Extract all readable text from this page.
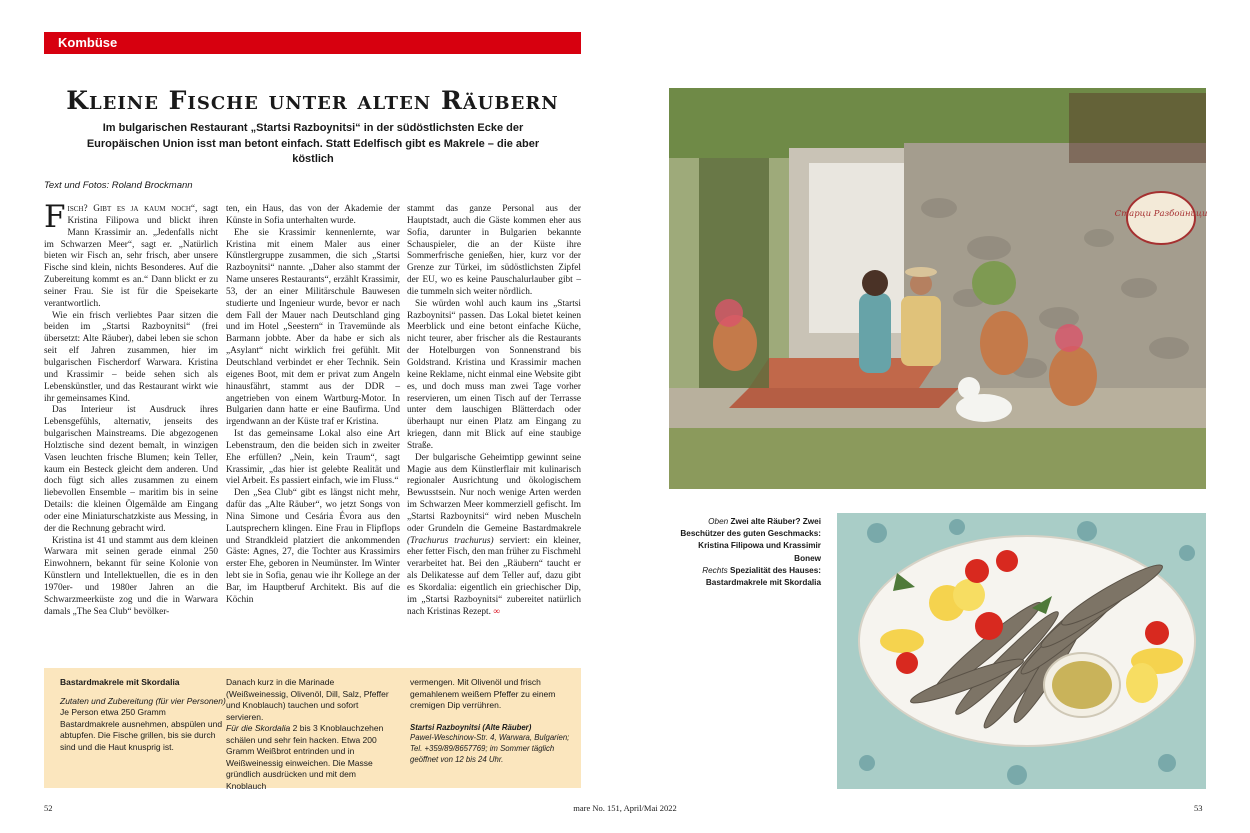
Kombüse
Kleine Fische unter alten Räubern
Im bulgarischen Restaurant „Startsi Razboynitsi“ in der südöstlichsten Ecke der Europäischen Union isst man betont einfach. Statt Edelfisch gibt es Makrele – die aber köstlich
Text und Fotos: Roland Brockmann

Fisch? Gibt es ja kaum noch“, sagt Kristina Filipowa und blickt ihren Mann Krassimir an. „Jedenfalls nicht im Schwarzen Meer“, sagt er. „Natürlich bieten wir Fisch an, sehr frisch, aber unsere Fische sind klein, nichts Besonderes. Auf die Zubereitung kommt es an.“ Dann blickt er zu seiner Frau. Sie ist für die Speisekarte verantwortlich.

Wie ein frisch verliebtes Paar sitzen die beiden im „Startsi Razboynitsi“ (frei übersetzt: Alte Räuber), dabei leben sie schon seit elf Jahren zusammen, hier im bulgarischen Fischerdorf Warwara. Kristina und Krassimir – beide sehen sich als Lebenskünstler, und das Restaurant wirkt wie ihr gemeinsames Kind.

Das Interieur ist Ausdruck ihres Lebensgefühls, alternativ, jenseits des bulgarischen Mainstreams. Die abgezogenen Holztische sind dezent bemalt, in winzigen Vasen leuchten frische Blumen; kein Teller, kaum ein Besteck gleicht dem anderen. Und doch fügt sich alles zusammen zu einem liebevollen Ensemble – maritim bis in seine Details: die kleinen Ölgemälde am Eingang oder eine Miniaturschatzkiste aus Messing, in der die Rechnung gebracht wird.

Kristina ist 41 und stammt aus dem kleinen Warwara mit seinen gerade einmal 250 Einwohnern, bekannt für seine Kolonie von Künstlern und Intellektuellen, die es in den 1970er- und 1980er Jahren an die Schwarzmeerküste zog und die in Warwara damals „The Sea Club“ bevölker-

ten, ein Haus, das von der Akademie der Künste in Sofia unterhalten wurde.

Ehe sie Krassimir kennenlernte, war Kristina mit einem Maler aus einer Künstlergruppe zusammen, die sich „Startsi Razboynitsi“ nannte. „Daher also stammt der Name unseres Restaurants“, erzählt Krassimir, 53, der an einer Militärschule Bauwesen studierte und Ingenieur wurde, bevor er nach dem Fall der Mauer nach Deutschland ging und im Hotel „Seestern“ in Travemünde als Barmann jobbte. Aber da habe er sich als „Asylant“ nicht wirklich frei gefühlt. Mit Deutschland verbindet er eher Technik. Sein eigenes Boot, mit dem er privat zum Angeln hinausfährt, stammt aus der DDR – angetrieben von einem Wartburg-Motor. In Bulgarien dann hatte er eine Baufirma. Und irgendwann an der Küste traf er Kristina.

Ist das gemeinsame Lokal also eine Art Lebenstraum, den die beiden sich in zweiter Ehe erfüllen? „Nein, kein Traum“, sagt Krassimir, „das hier ist gelebte Realität und viel Arbeit. Es passiert einfach, wie im Fluss.“

Den „Sea Club“ gibt es längst nicht mehr, dafür das „Alte Räuber“, wo jetzt Songs von Nina Simone und Cesária Évora aus den Lautsprechern klingen. Eine Frau in Flipflops und Strandkleid platziert die ankommenden Gäste: Agnes, 27, die Tochter aus Krassimirs erster Ehe, geboren in Neumünster. Im Winter lebt sie in Sofia, genau wie ihr Kollege an der Bar, im Hauptberuf Architekt. Bis auf die Köchin

stammt das ganze Personal aus der Hauptstadt, auch die Gäste kommen eher aus Sofia, darunter in Bulgarien bekannte Schauspieler, die an der Küste ihre Sommerfrische genießen, hier, kurz vor der Grenze zur Türkei, im südöstlichsten Zipfel der EU, wo es keine Pauschalurlauber gibt – die tummeln sich weiter nördlich.

Sie würden wohl auch kaum ins „Startsi Razboynitsi“ passen. Das Lokal bietet keinen Meerblick und eine betont einfache Küche, nicht teurer, aber frischer als die Restaurants der Hotelburgen von Sonnenstrand bis Goldstrand. Kristina und Krassimir machen keine Reklame, nicht einmal eine Website gibt es, und doch muss man zwei Tage vorher reservieren, um einen Tisch auf der Terrasse unter dem lauschigen Blätterdach oder überhaupt nur einen Platz am Eingang zu kriegen, dann mit Blick auf eine staubige Straße.

Der bulgarische Geheimtipp gewinnt seine Magie aus dem Künstlerflair mit kulinarisch regionaler Ausrichtung und ökologischem Bewusstsein. Nur noch wenige Arten werden im Schwarzen Meer kommerziell gefischt. Im „Startsi Razboynitsi“ wird neben Muscheln oder Grundeln die Gemeine Bastardmakrele (Trachurus trachurus) serviert: ein kleiner, eher fetter Fisch, den man früher zu Fischmehl verarbeitet hat. Bei den „Räubern“ taucht er als Delikatesse auf dem Teller auf, dazu gibt es Skordalia: eigentlich ein griechischer Dip, im „Startsi Razboynitsi“ zubereitet natürlich nach Kristinas Rezept. ∞

Bastardmakrele mit Skordalia
Zutaten und Zubereitung (für vier Personen)
Je Person etwa 250 Gramm Bastardmakrele ausnehmen, abspülen und abtupfen. Die Fische grillen, bis sie durch sind und die Haut knusprig ist.
Danach kurz in die Marinade (Weißweinessig, Olivenöl, Dill, Salz, Pfeffer und Knoblauch) tauchen und sofort servieren.
Für die Skordalia 2 bis 3 Knoblauchzehen schälen und sehr fein hacken. Etwa 200 Gramm Weißbrot entrinden und in Weißweinessig einweichen. Die Masse gründlich ausdrücken und mit dem Knoblauch
vermengen. Mit Olivenöl und frisch gemahlenem weißem Pfeffer zu einem cremigen Dip verrühren.
Startsi Razboynitsi (Alte Räuber)
Pawel-Weschinow-Str. 4, Warwara, Bulgarien; Tel. +359/89/8657769; im Sommer täglich geöffnet von 12 bis 24 Uhr.
52	mare No. 151, April/Mai 2022	53
Старци Разбойници
Oben Zwei alte Räuber? Zwei Beschützer des guten Geschmacks: Kristina Filipowa und Krassimir Bonew
Rechts Spezialität des Hauses: Bastardmakrele mit Skordalia
